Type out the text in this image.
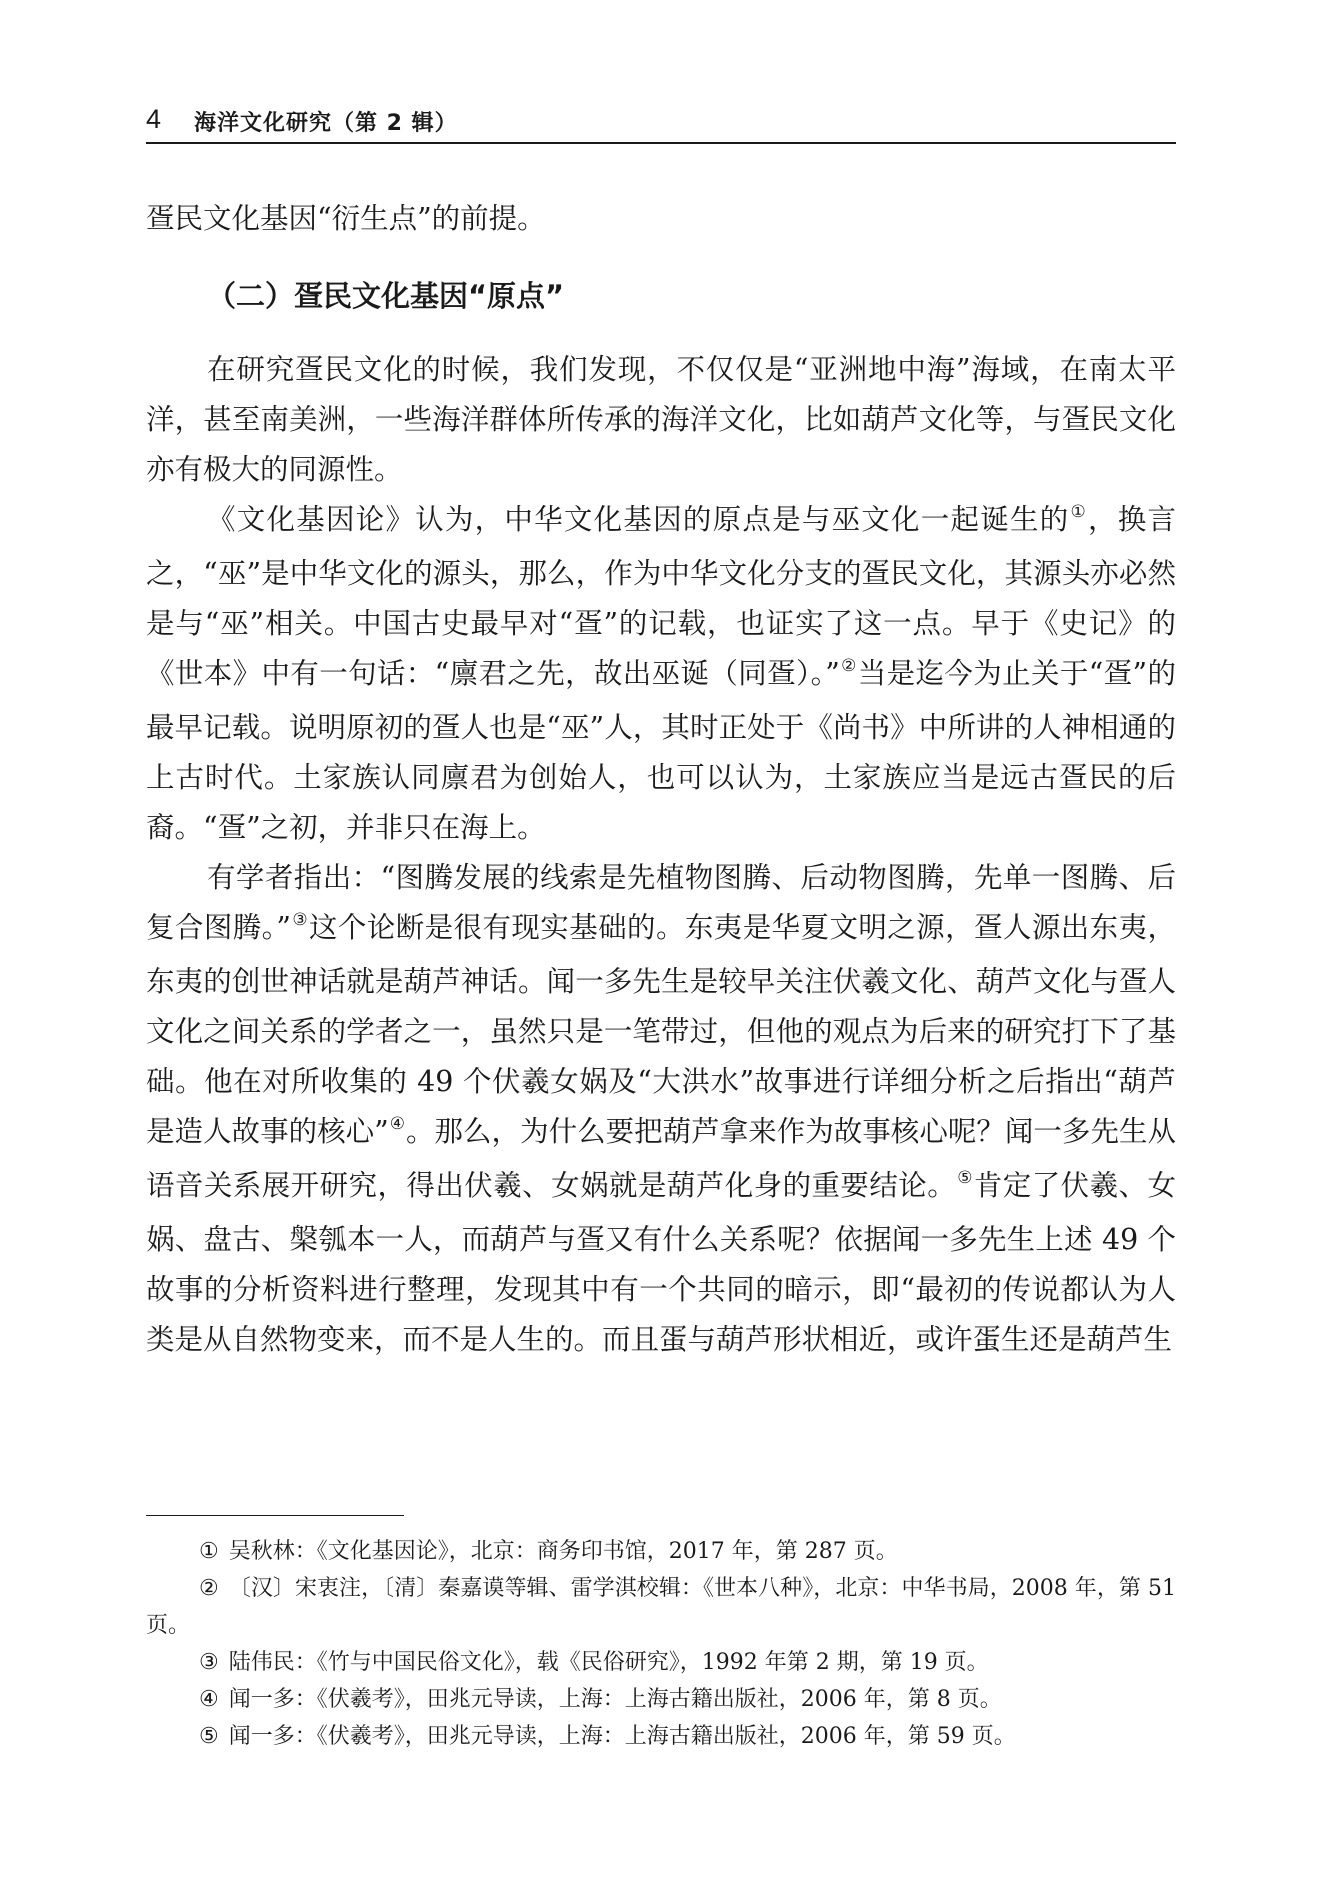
4 海洋文化研究（第 2 辑）

疍民文化基因“衍生点”的前提。

（二）疍民文化基因“原点”

在研究疍民文化的时候，我们发现，不仅仅是“亚洲地中海”海域，在南太平洋，甚至南美洲，一些海洋群体所传承的海洋文化，比如葫芦文化等，与疍民文化亦有极大的同源性。

《文化基因论》认为，中华文化基因的原点是与巫文化一起诞生的①，换言之，“巫”是中华文化的源头，那么，作为中华文化分支的疍民文化，其源头亦必然是与“巫”相关。中国古史最早对“疍”的记载，也证实了这一点。早于《史记》的《世本》中有一句话：“廪君之先，故出巫诞（同疍）。”②当是迄今为止关于“疍”的最早记载。说明原初的疍人也是“巫”人，其时正处于《尚书》中所讲的人神相通的上古时代。土家族认同廪君为创始人，也可以认为，土家族应当是远古疍民的后裔。“疍”之初，并非只在海上。

有学者指出：“图腾发展的线索是先植物图腾、后动物图腾，先单一图腾、后复合图腾。”③这个论断是很有现实基础的。东夷是华夏文明之源，疍人源出东夷，东夷的创世神话就是葫芦神话。闻一多先生是较早关注伏羲文化、葫芦文化与疍人文化之间关系的学者之一，虽然只是一笔带过，但他的观点为后来的研究打下了基础。他在对所收集的 49 个伏羲女娲及“大洪水”故事进行详细分析之后指出“葫芦是造人故事的核心”④。那么，为什么要把葫芦拿来作为故事核心呢？闻一多先生从语音关系展开研究，得出伏羲、女娲就是葫芦化身的重要结论。⑤肯定了伏羲、女娲、盘古、槃瓠本一人，而葫芦与疍又有什么关系呢？依据闻一多先生上述 49 个故事的分析资料进行整理，发现其中有一个共同的暗示，即“最初的传说都认为人类是从自然物变来，而不是人生的。而且蛋与葫芦形状相近，或许蛋生还是葫芦生

① 吴秋林：《文化基因论》，北京：商务印书馆，2017 年，第 287 页。

② 〔汉〕宋衷注，〔清〕秦嘉谟等辑、雷学淇校辑：《世本八种》，北京：中华书局，2008 年，第 51 页。

③ 陆伟民：《竹与中国民俗文化》，载《民俗研究》，1992 年第 2 期，第 19 页。

④ 闻一多：《伏羲考》，田兆元导读，上海：上海古籍出版社，2006 年，第 8 页。

⑤ 闻一多：《伏羲考》，田兆元导读，上海：上海古籍出版社，2006 年，第 59 页。
